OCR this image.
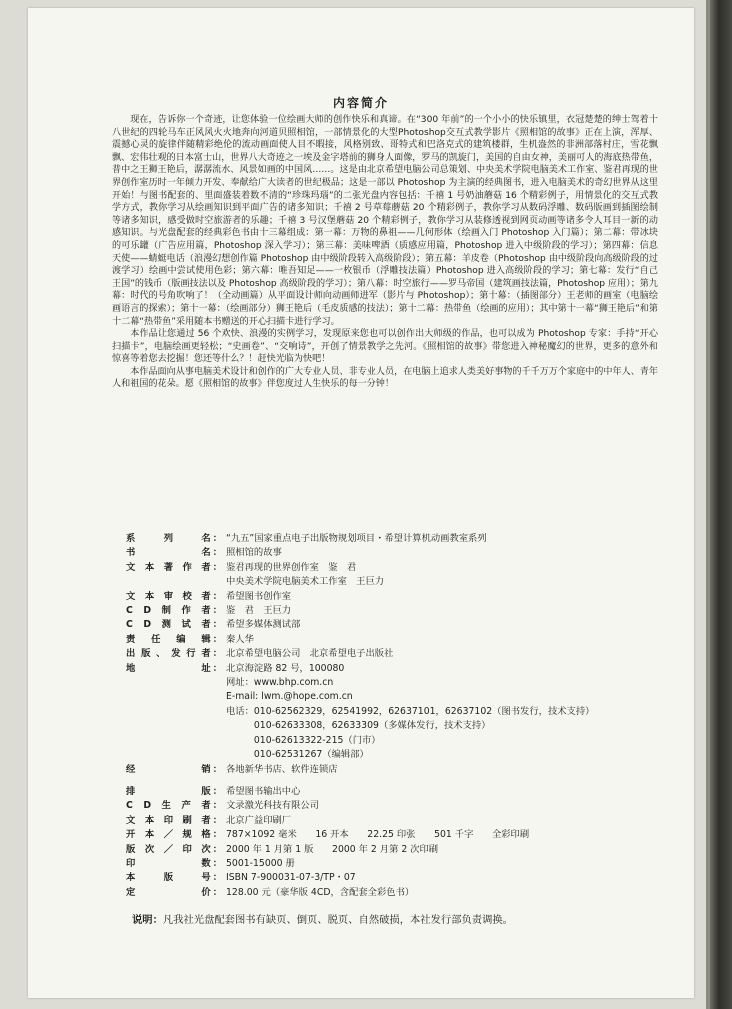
内容简介

现在，告诉你一个奇迹，让您体验一位绘画大师的创作快乐和真谛。在“300 年前”的一个小小的快乐镇里，衣冠楚楚的绅士驾着十八世纪的四轮马车正风风火火地奔向河道贝照相馆，一部情景化的大型Photoshop交互式教学影片《照相馆的故事》正在上演，浑厚、震撼心灵的旋律伴随精彩绝伦的流动画面使人目不暇接，风格别致、哥特式和巴洛克式的建筑楼群，生机盎然的非洲部落村庄，雪花飘飘、宏伟壮观的日本富士山，世界八大奇迹之一埃及金字塔前的狮身人面像，罗马的凯旋门，美国的自由女神，美丽可人的海底热带鱼，普中之王狮王艳后，潺潺流水、风景如画的中国风……。这是由北京希望电脑公司总策划、中央美术学院电脑美术工作室、鉴君再现的世界创作室历时一年倾力开发、奉献给广大读者的世纪极品；这是一部以 Photoshop 为主演的经典图书，进入电脑美术的奇幻世界从这里开始！与图书配套的、里面盛装着数不清的“珍珠玛瑙”的二张光盘内容包括：千禧 1 号奶油蘑菇 16 个精彩例子，用情景化的交互式教学方式，教你学习从绘画知识到平面广告的诸多知识；千禧 2 号草莓蘑菇 20 个精彩例子，教你学习从数码浮雕、数码版画到插图绘制等诸多知识，感受做时空旅游者的乐趣；千禧 3 号汉堡蘑菇 20 个精彩例子，教你学习从装修透视到网页动画等诸多令人耳目一新的动感知识。与光盘配套的经典彩色书由十三幕组成：第一幕：万物的鼻祖——几何形体（绘画入门 Photoshop 入门篇）；第二幕：带冰块的可乐罐（广告应用篇，Photoshop 深入学习）；第三幕：美味啤酒（质感应用篇，Photoshop 进入中级阶段的学习）；第四幕：信息天使——蜻蜓电话（浪漫幻想创作篇 Photoshop 由中级阶段转入高级阶段）；第五幕：羊皮卷（Photoshop 由中级阶段向高级阶段的过渡学习）绘画中尝试使用色彩；第六幕：唯吾知足——一枚银币（浮雕技法篇）Photoshop 进入高级阶段的学习；第七幕：发行“自己王国”的钱币（版画技法以及 Photoshop 高级阶段的学习）；第八幕：时空旅行——罗马帝国（建筑画技法篇，Photoshop 应用）；第九幕：时代的号角吹响了！（全动画篇）从平面设计师向动画师进军（影片与 Photoshop）；第十幕：（插图部分）王老师的画室（电脑绘画语言的探索）；第十一幕：（绘画部分）狮王艳后（毛皮质感的技法）；第十二幕：热带鱼（绘画的应用）；其中第十一幕“狮王艳后”和第十二幕“热带鱼”采用随本书赠送的开心扫描卡进行学习。

本作品让您通过 56 个欢快、浪漫的实例学习，发现原来您也可以创作出大师级的作品，也可以成为 Photoshop 专家：手持“开心扫描卡”，电脑绘画更轻松；“史画卷”、“交响诗”，开创了情景教学之先河。《照相馆的故事》带您进入神秘魔幻的世界，更多的意外和惊喜等着您去挖掘！您还等什么？！赶快光临为快吧！

本作品面向从事电脑美术设计和创作的广大专业人员、非专业人员，在电脑上追求人类美好事物的千千万万个家庭中的中年人、青年人和祖国的花朵。愿《照相馆的故事》伴您度过人生快乐的每一分钟！

系	列	名 ： “九五”国家重点电子出版物规划项目・希望计算机动画教室系列
书	名 ： 照相馆的故事
文 本 著 作 者 ： 鉴君再现的世界创作室　鉴　君
中央美术学院电脑美术工作室　王巨力
文 本 审 校 者 ： 希望图书创作室
C D 制 作 者 ： 鉴　君　王巨力
C D 测 试 者 ： 希望多媒体测试部
责 任 编 辑 ： 秦人华
出 版 、 发 行 者 ： 北京希望电脑公司　北京希望电子出版社
地	址 ： 北京海淀路 82 号，100080
网址：www.bhp.com.cn
E-mail: lwm.@hope.com.cn
电话：010-62562329，62541992，62637101，62637102（图书发行，技术支持）
　　　010-62633308，62633309（多媒体发行，技术支持）
　　　010-62613322-215（门市）
　　　010-62531267（编辑部）
经	销 ： 各地新华书店、软件连锁店
排	版 ： 希望图书输出中心
C D 生 产 者 ： 文录激光科技有限公司
文 本 印 刷 者 ： 北京广益印刷厂
开 本 ／ 规 格 ： 787×1092 毫米　　16 开本　　22.25 印张　　501 千字　　全彩印刷
版 次 ／ 印 次 ： 2000 年 1 月第 1 版　　2000 年 2 月第 2 次印刷
印	数 ： 5001-15000 册
本	版	号 ： ISBN 7-900031-07-3/TP・07
定	价 ： 128.00 元（豪华版 4CD，含配套全彩色书）
说明：凡我社光盘配套图书有缺页、倒页、脱页、自然破损，本社发行部负责调换。
